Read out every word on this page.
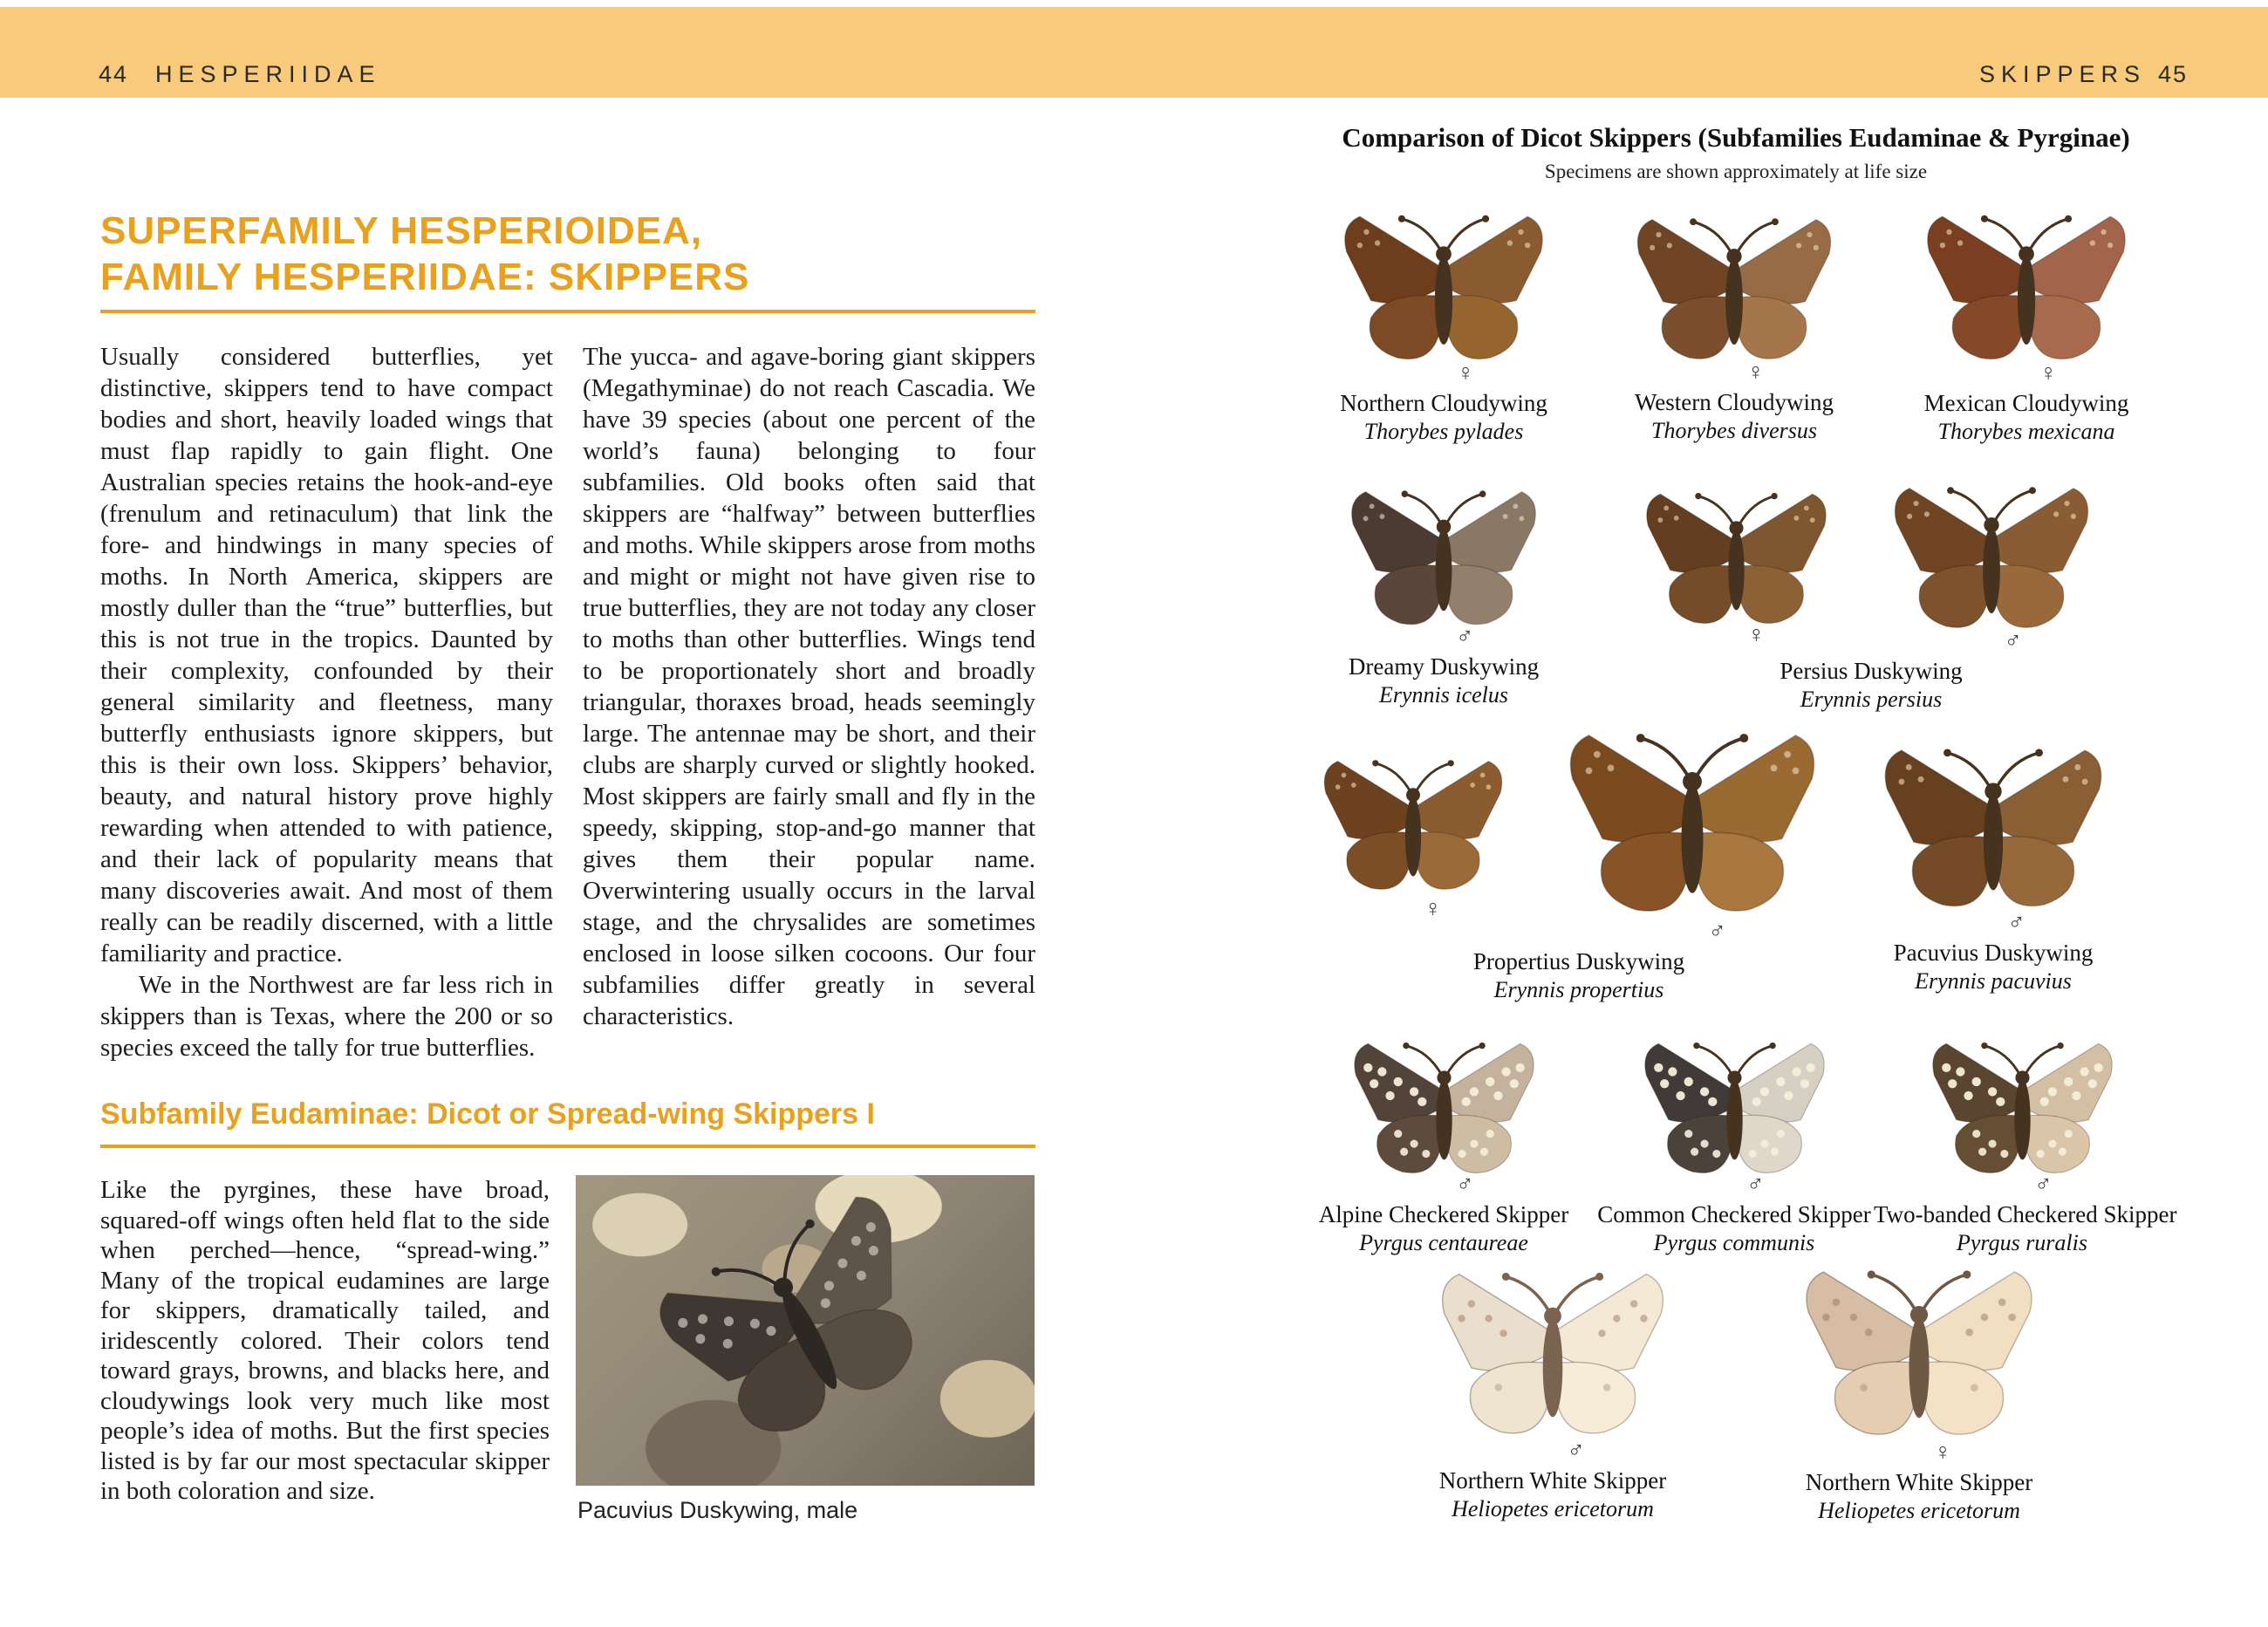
44 HESPERIIDAE	SKIPPERS 45
SUPERFAMILY HESPERIOIDEA,
FAMILY HESPERIIDAE: SKIPPERS

Usually considered butterflies, yet distinctive, skippers tend to have compact bodies and short, heavily loaded wings that must flap rapidly to gain flight. One Australian species retains the hook-and-eye (frenulum and retinaculum) that link the fore- and hindwings in many species of moths. In North America, skippers are mostly duller than the “true” butterflies, but this is not true in the tropics. Daunted by their complexity, confounded by their general similarity and fleetness, many butterfly enthusiasts ignore skippers, but this is their own loss. Skippers’ behavior, beauty, and natural history prove highly rewarding when attended to with patience, and their lack of popularity means that many discoveries await. And most of them really can be readily discerned, with a little familiarity and practice.

We in the Northwest are far less rich in skippers than is Texas, where the 200 or so species exceed the tally for true butterflies.

The yucca- and agave-boring giant skippers (Megathyminae) do not reach Cascadia. We have 39 species (about one percent of the world’s fauna) belonging to four subfamilies. Old books often said that skippers are “halfway” between butterflies and moths. While skippers arose from moths and might or might not have given rise to true butterflies, they are not today any closer to moths than other butterflies. Wings tend to be proportionately short and broadly triangular, thoraxes broad, heads seemingly large. The antennae may be short, and their clubs are sharply curved or slightly hooked. Most skippers are fairly small and fly in the speedy, skipping, stop-and-go manner that gives them their popular name. Overwintering usually occurs in the larval stage, and the chrysalides are sometimes enclosed in loose silken cocoons. Our four subfamilies differ greatly in several characteristics.

Subfamily Eudaminae: Dicot or Spread-wing Skippers I

Like the pyrgines, these have broad, squared-off wings often held flat to the side when perched—hence, “spread-wing.” Many of the tropical eudamines are large for skippers, dramatically tailed, and iridescently colored. Their colors tend toward grays, browns, and blacks here, and cloudywings look very much like most people’s idea of moths. But the first species listed is by far our most spectacular skipper in both coloration and size.

Pacuvius Duskywing, male
Comparison of Dicot Skippers (Subfamilies Eudaminae & Pyrginae)
Specimens are shown approximately at life size
♀
Northern Cloudywing
Thorybes pylades
♀
Western Cloudywing
Thorybes diversus
♀
Mexican Cloudywing
Thorybes mexicana
♂
Dreamy Duskywing
Erynnis icelus
♀	♂
Persius Duskywing
Erynnis persius
♀
♂
Propertius Duskywing
Erynnis propertius
♂
Pacuvius Duskywing
Erynnis pacuvius
♂
Alpine Checkered Skipper
Pyrgus centaureae
♂
Common Checkered Skipper
Pyrgus communis
♂
Two-banded Checkered Skipper
Pyrgus ruralis
♂
Northern White Skipper
Heliopetes ericetorum
♀
Northern White Skipper
Heliopetes ericetorum
